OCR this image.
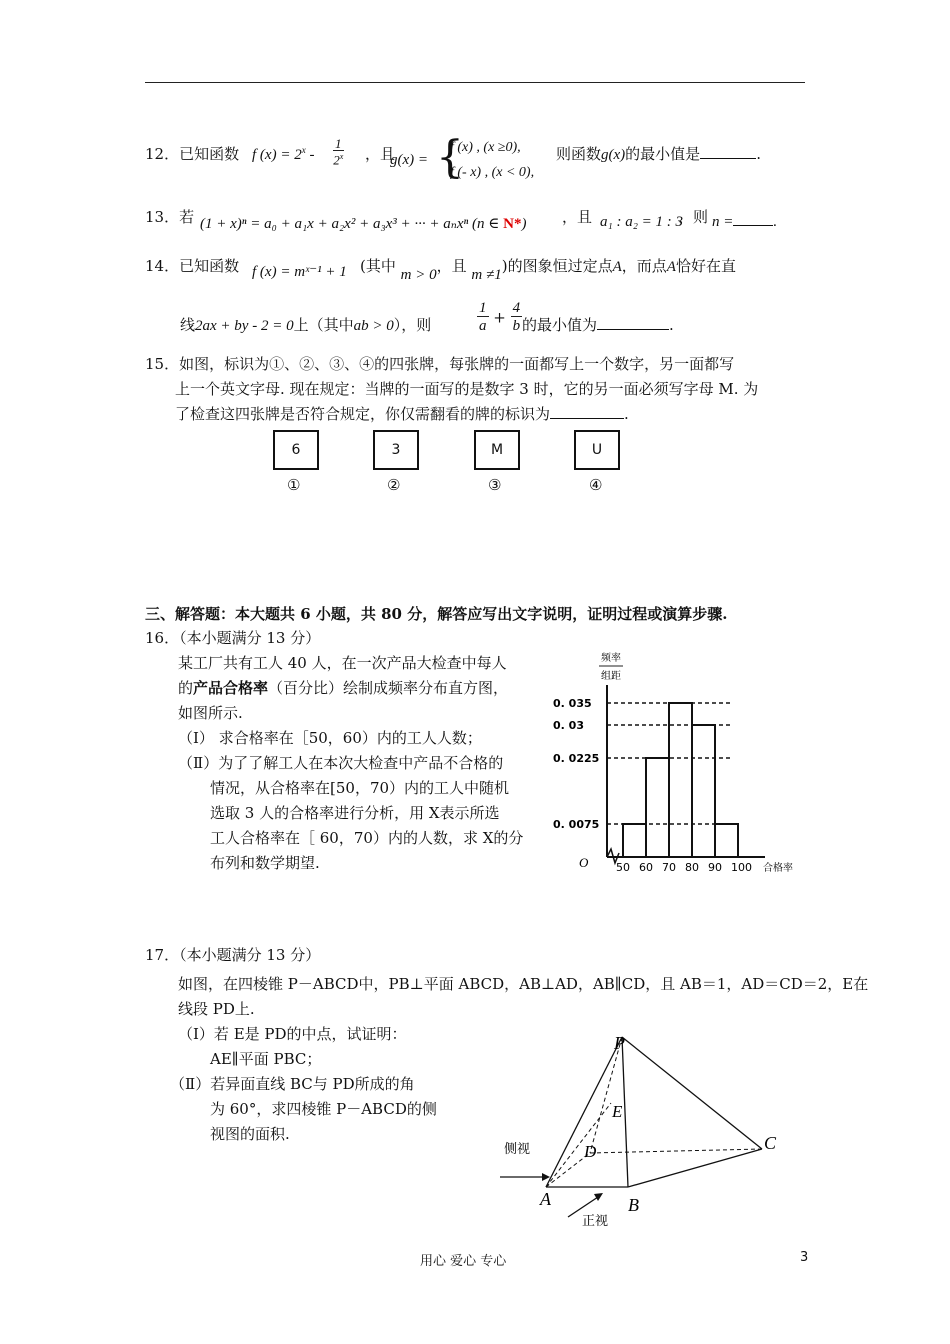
12．已知函数 f $(x) = 2^x - \frac{1}{2^x}$ ，且
g(x) = {
f (x) , (x ≥0),
f (- x) , (x < 0),
则函数g(x)的最小值是	.
13．若 (1 + x)ⁿ = a₀ + a₁x + a₂x² + a₃x³ + ··· + aₙxⁿ (n ∈ N*) ，且 a₁ : a₂ = 1 : 3
，则 n =	.
14．已知函数 f (x) = mˣ⁻¹ + 1 (其中 m > 0，且 m ≠1)的图象恒过定点A，而点A恰好在直
线2ax + by - 2 = 0上（其中ab > 0），则	$\frac{1}{a} + \frac{4}{b}$ 的最小值为	.
15．如图，标识为①、②、③、④的四张牌，每张牌的一面都写上一个数字，另一面都写
上一个英文字母. 现在规定：当牌的一面写的是数字 3 时，它的另一面必须写字母 M. 为
了检查这四张牌是否符合规定，你仅需翻看的牌的标识为	.
6	3	M	U
①	②	③	④
三、解答题：本大题共 6 小题，共 80 分，解答应写出文字说明，证明过程或演算步骤.
16．（本小题满分 13 分）
某工厂共有工人 40 人，在一次产品大检查中每人
的产品合格率（百分比）绘制成频率分布直方图，
如图所示.
（Ⅰ） 求合格率在［50，60）内的工人人数；
（Ⅱ）为了了解工人在本次大检查中产品不合格的
情况，从合格率在[50，70）内的工人中随机
选取 3 人的合格率进行分析，用 X表示所选
工人合格率在［ 60，70）内的人数，求 X的分
布列和数学期望.
频率
组距
O	合格率
0. 035
0. 03
0. 0225
0. 0075
50 60 70 80 90 100
17．（本小题满分 13 分）
如图，在四棱锥 P－ABCD中，PB⊥平面 ABCD，AB⊥AD，AB∥CD，且 AB＝1，AD＝CD＝2，E在
线段 PD上.
（Ⅰ）若 E是 PD的中点，试证明：
AE∥平面 PBC；
（Ⅱ）若异面直线 BC与 PD所成的角
为 60°，求四棱锥 P－ABCD的侧
视图的面积.
P
E
D	C
A	B
侧视
正视
用心 爱心 专心	3
